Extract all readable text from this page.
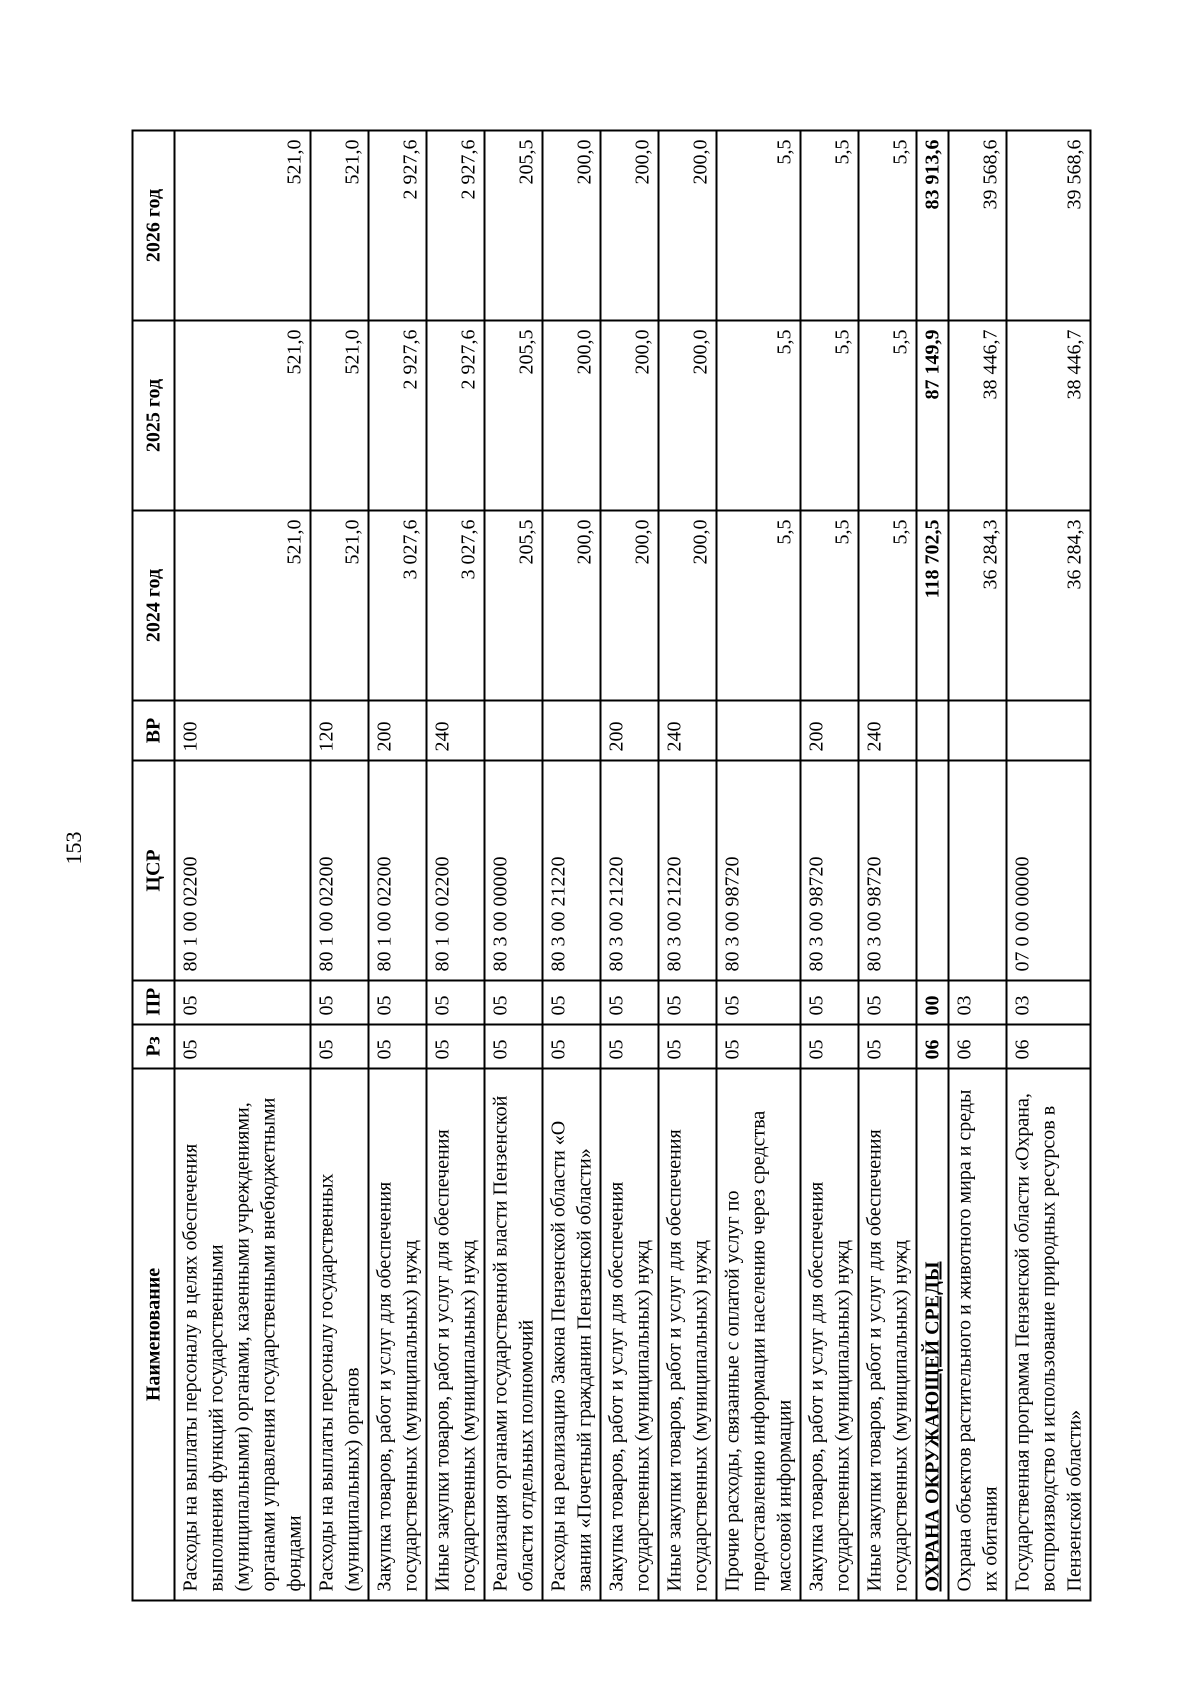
153
Наименование	Рз	ПР	ЦСР	ВР	2024 год	2025 год	2026 год
Расходы на выплаты персоналу в целях обеспечения выполнения функций государственными (муниципальными) органами, казенными учреждениями, органами управления государственными внебюджетными фондами	05	05	80 1 00 02200	100	521,0	521,0	521,0
Расходы на выплаты персоналу государственных (муниципальных) органов	05	05	80 1 00 02200	120	521,0	521,0	521,0
Закупка товаров, работ и услуг для обеспечения государственных (муниципальных) нужд	05	05	80 1 00 02200	200	3 027,6	2 927,6	2 927,6
Иные закупки товаров, работ и услуг для обеспечения государственных (муниципальных) нужд	05	05	80 1 00 02200	240	3 027,6	2 927,6	2 927,6
Реализация органами государственной власти Пензенской области отдельных полномочий	05	05	80 3 00 00000		205,5	205,5	205,5
Расходы на реализацию Закона Пензенской области «О звании «Почетный гражданин Пензенской области»	05	05	80 3 00 21220		200,0	200,0	200,0
Закупка товаров, работ и услуг для обеспечения государственных (муниципальных) нужд	05	05	80 3 00 21220	200	200,0	200,0	200,0
Иные закупки товаров, работ и услуг для обеспечения государственных (муниципальных) нужд	05	05	80 3 00 21220	240	200,0	200,0	200,0
Прочие расходы, связанные с оплатой услуг по предоставлению информации населению через средства массовой информации	05	05	80 3 00 98720		5,5	5,5	5,5
Закупка товаров, работ и услуг для обеспечения государственных (муниципальных) нужд	05	05	80 3 00 98720	200	5,5	5,5	5,5
Иные закупки товаров, работ и услуг для обеспечения государственных (муниципальных) нужд	05	05	80 3 00 98720	240	5,5	5,5	5,5
ОХРАНА ОКРУЖАЮЩЕЙ СРЕДЫ	06	00			118 702,5	87 149,9	83 913,6
Охрана объектов растительного и животного мира и среды их обитания	06	03			36 284,3	38 446,7	39 568,6
Государственная программа Пензенской области «Охрана, воспроизводство и использование природных ресурсов в Пензенской области»	06	03	07 0 00 00000		36 284,3	38 446,7	39 568,6
